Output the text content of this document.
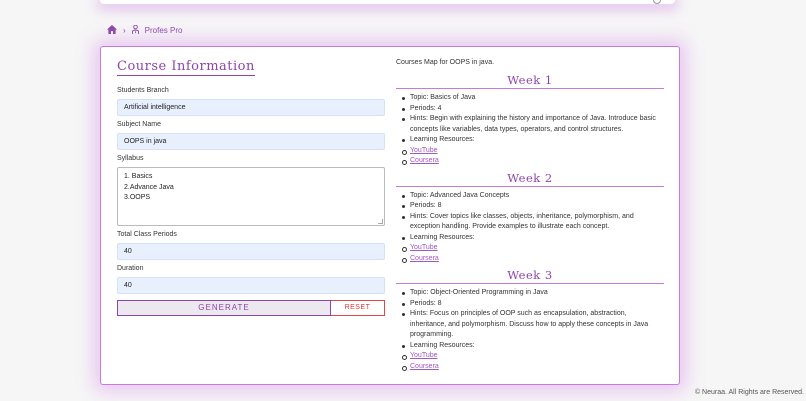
› Profes Pro
Course Information
Students Branch
Artificial intelligence
Subject Name
OOPS in java
Syllabus
1. Basics
2.Advance Java
3.OOPS
Total Class Periods
40
Duration
40
GENERATE	RESET
Courses Map for OOPS in java.
Week 1
Topic: Basics of Java
Periods: 4
Hints: Begin with explaining the history and importance of Java. Introduce basic concepts like variables, data types, operators, and control structures.
Learning Resources:
YouTube
Coursera
Week 2
Topic: Advanced Java Concepts
Periods: 8
Hints: Cover topics like classes, objects, inheritance, polymorphism, and exception handling. Provide examples to illustrate each concept.
Learning Resources:
YouTube
Coursera
Week 3
Topic: Object-Oriented Programming in Java
Periods: 8
Hints: Focus on principles of OOP such as encapsulation, abstraction, inheritance, and polymorphism. Discuss how to apply these concepts in Java programming.
Learning Resources:
YouTube
Coursera
© Neuraa. All Rights are Reserved.
